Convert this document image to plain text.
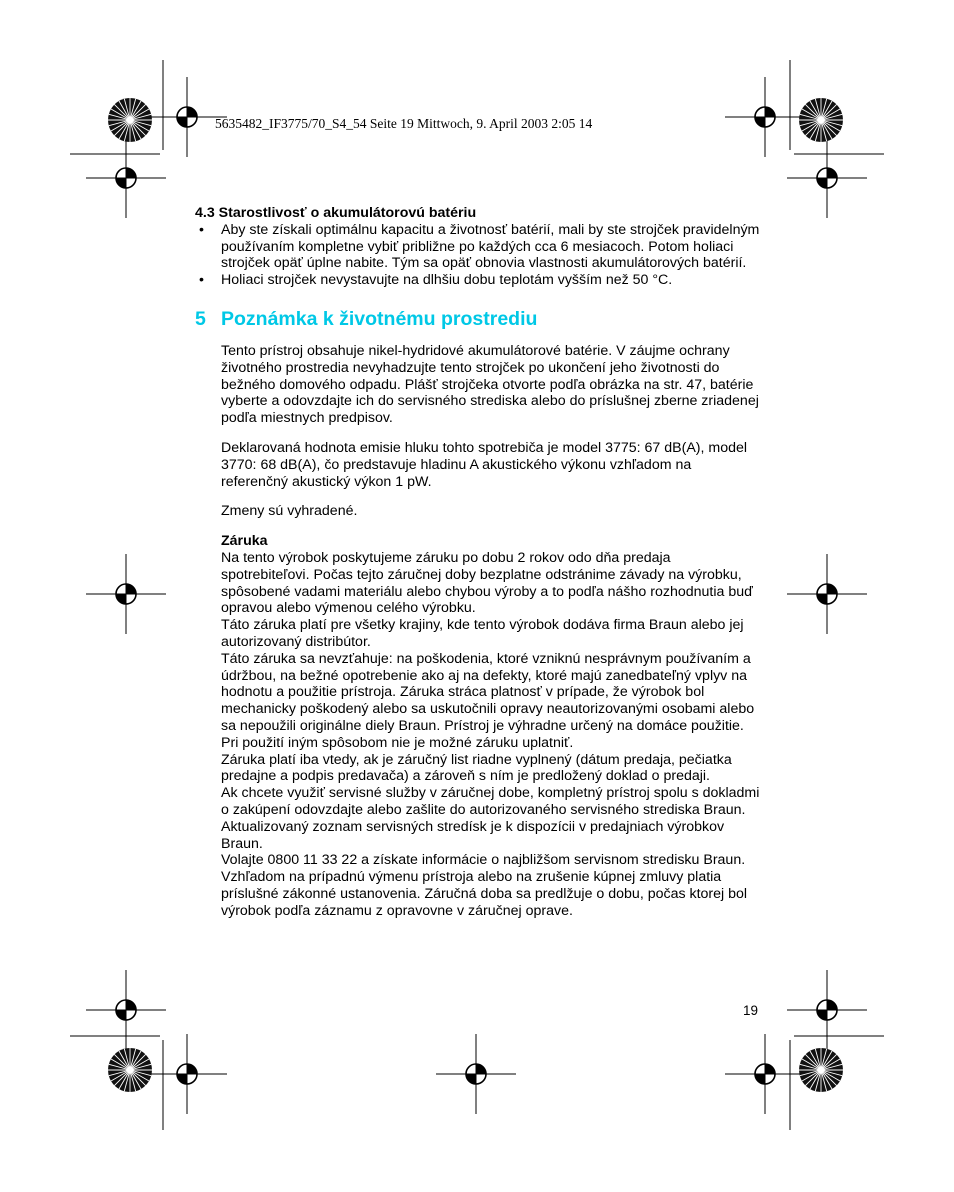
5635482_IF3775/70_S4_54 Seite 19 Mittwoch, 9. April 2003 2:05 14

4.3 Starostlivosť o akumulátorovú batériu

• Aby ste získali optimálnu kapacitu a životnosť batérií, mali by ste strojček pravidelným používaním kompletne vybiť približne po každých cca 6 mesiacoch. Potom holiaci strojček opäť úplne nabite. Tým sa opäť obnovia vlastnosti akumulátorových batérií.
• Holiaci strojček nevystavujte na dlhšiu dobu teplotám vyšším než 50 °C.
5 Poznámka k životnému prostrediu

Tento prístroj obsahuje nikel-hydridové akumulátorové batérie. V záujme ochrany životného prostredia nevyhadzujte tento strojček po ukončení jeho životnosti do bežného domového odpadu. Plášť strojčeka otvorte podľa obrázka na str. 47, batérie vyberte a odovzdajte ich do servisného strediska alebo do príslušnej zberne zriadenej podľa miestnych predpisov.

Deklarovaná hodnota emisie hluku tohto spotrebiča je model 3775: 67 dB(A), model 3770: 68 dB(A), čo predstavuje hladinu A akustického výkonu vzhľadom na referenčný akustický výkon 1 pW.

Zmeny sú vyhradené.

Záruka

Na tento výrobok poskytujeme záruku po dobu 2 rokov odo dňa predaja spotrebiteľovi. Počas tejto záručnej doby bezplatne odstránime závady na výrobku, spôsobené vadami materiálu alebo chybou výroby a to podľa nášho rozhodnutia buď opravou alebo výmenou celého výrobku.

Táto záruka platí pre všetky krajiny, kde tento výrobok dodáva firma Braun alebo jej autorizovaný distribútor.

Táto záruka sa nevzťahuje: na poškodenia, ktoré vzniknú nesprávnym používaním a údržbou, na bežné opotrebenie ako aj na defekty, ktoré majú zanedbateľný vplyv na hodnotu a použitie prístroja. Záruka stráca platnosť v prípade, že výrobok bol mechanicky poškodený alebo sa uskutočnili opravy neautorizovanými osobami alebo sa nepoužili originálne diely Braun. Prístroj je výhradne určený na domáce použitie. Pri použití iným spôsobom nie je možné záruku uplatniť.

Záruka platí iba vtedy, ak je záručný list riadne vyplnený (dátum predaja, pečiatka predajne a podpis predavača) a zároveň s ním je predložený doklad o predaji.

Ak chcete využiť servisné služby v záručnej dobe, kompletný prístroj spolu s dokladmi o zakúpení odovzdajte alebo zašlite do autorizovaného servisného strediska Braun. Aktualizovaný zoznam servisných stredísk je k dispozícii v predajniach výrobkov Braun.

Volajte 0800 11 33 22 a získate informácie o najbližšom servisnom stredisku Braun.

Vzhľadom na prípadnú výmenu prístroja alebo na zrušenie kúpnej zmluvy platia príslušné zákonné ustanovenia. Záručná doba sa predlžuje o dobu, počas ktorej bol výrobok podľa záznamu z opravovne v záručnej oprave.

19
